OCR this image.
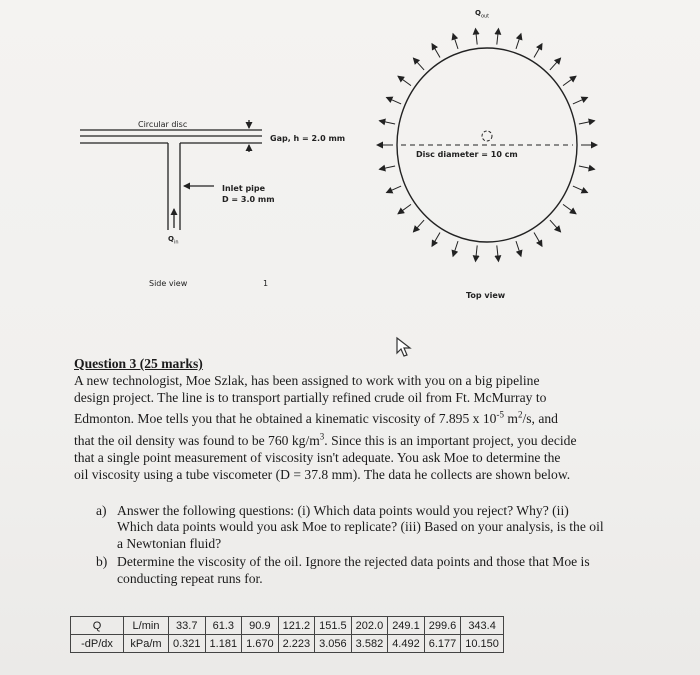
Circular disc
Gap, h = 2.0 mm
Inlet pipe
D = 3.0 mm
$Q_{in}$
Side view	1
$Q_{out}$
Disc diameter = 10 cm
Top view
Question 3 (25 marks)
A new technologist, Moe Szlak, has been assigned to work with you on a big pipeline
design project. The line is to transport partially refined crude oil from Ft. McMurray to
Edmonton. Moe tells you that he obtained a kinematic viscosity of 7.895 x $10^{-5}$ $m^2/s$, and
that the oil density was found to be 760 $kg/m^3$. Since this is an important project, you decide
that a single point measurement of viscosity isn't adequate. You ask Moe to determine the
oil viscosity using a tube viscometer (D = 37.8 mm). The data he collects are shown below.
a) Answer the following questions: (i) Which data points would you reject? Why? (ii) Which data points would you ask Moe to replicate? (iii) Based on your analysis, is the oil a Newtonian fluid?
b) Determine the viscosity of the oil. Ignore the rejected data points and those that Moe is conducting repeat runs for.
Q	L/min	33.7	61.3	90.9	121.2	151.5	202.0	249.1	299.6	343.4
-dP/dx	kPa/m	0.321	1.181	1.670	2.223	3.056	3.582	4.492	6.177	10.150
